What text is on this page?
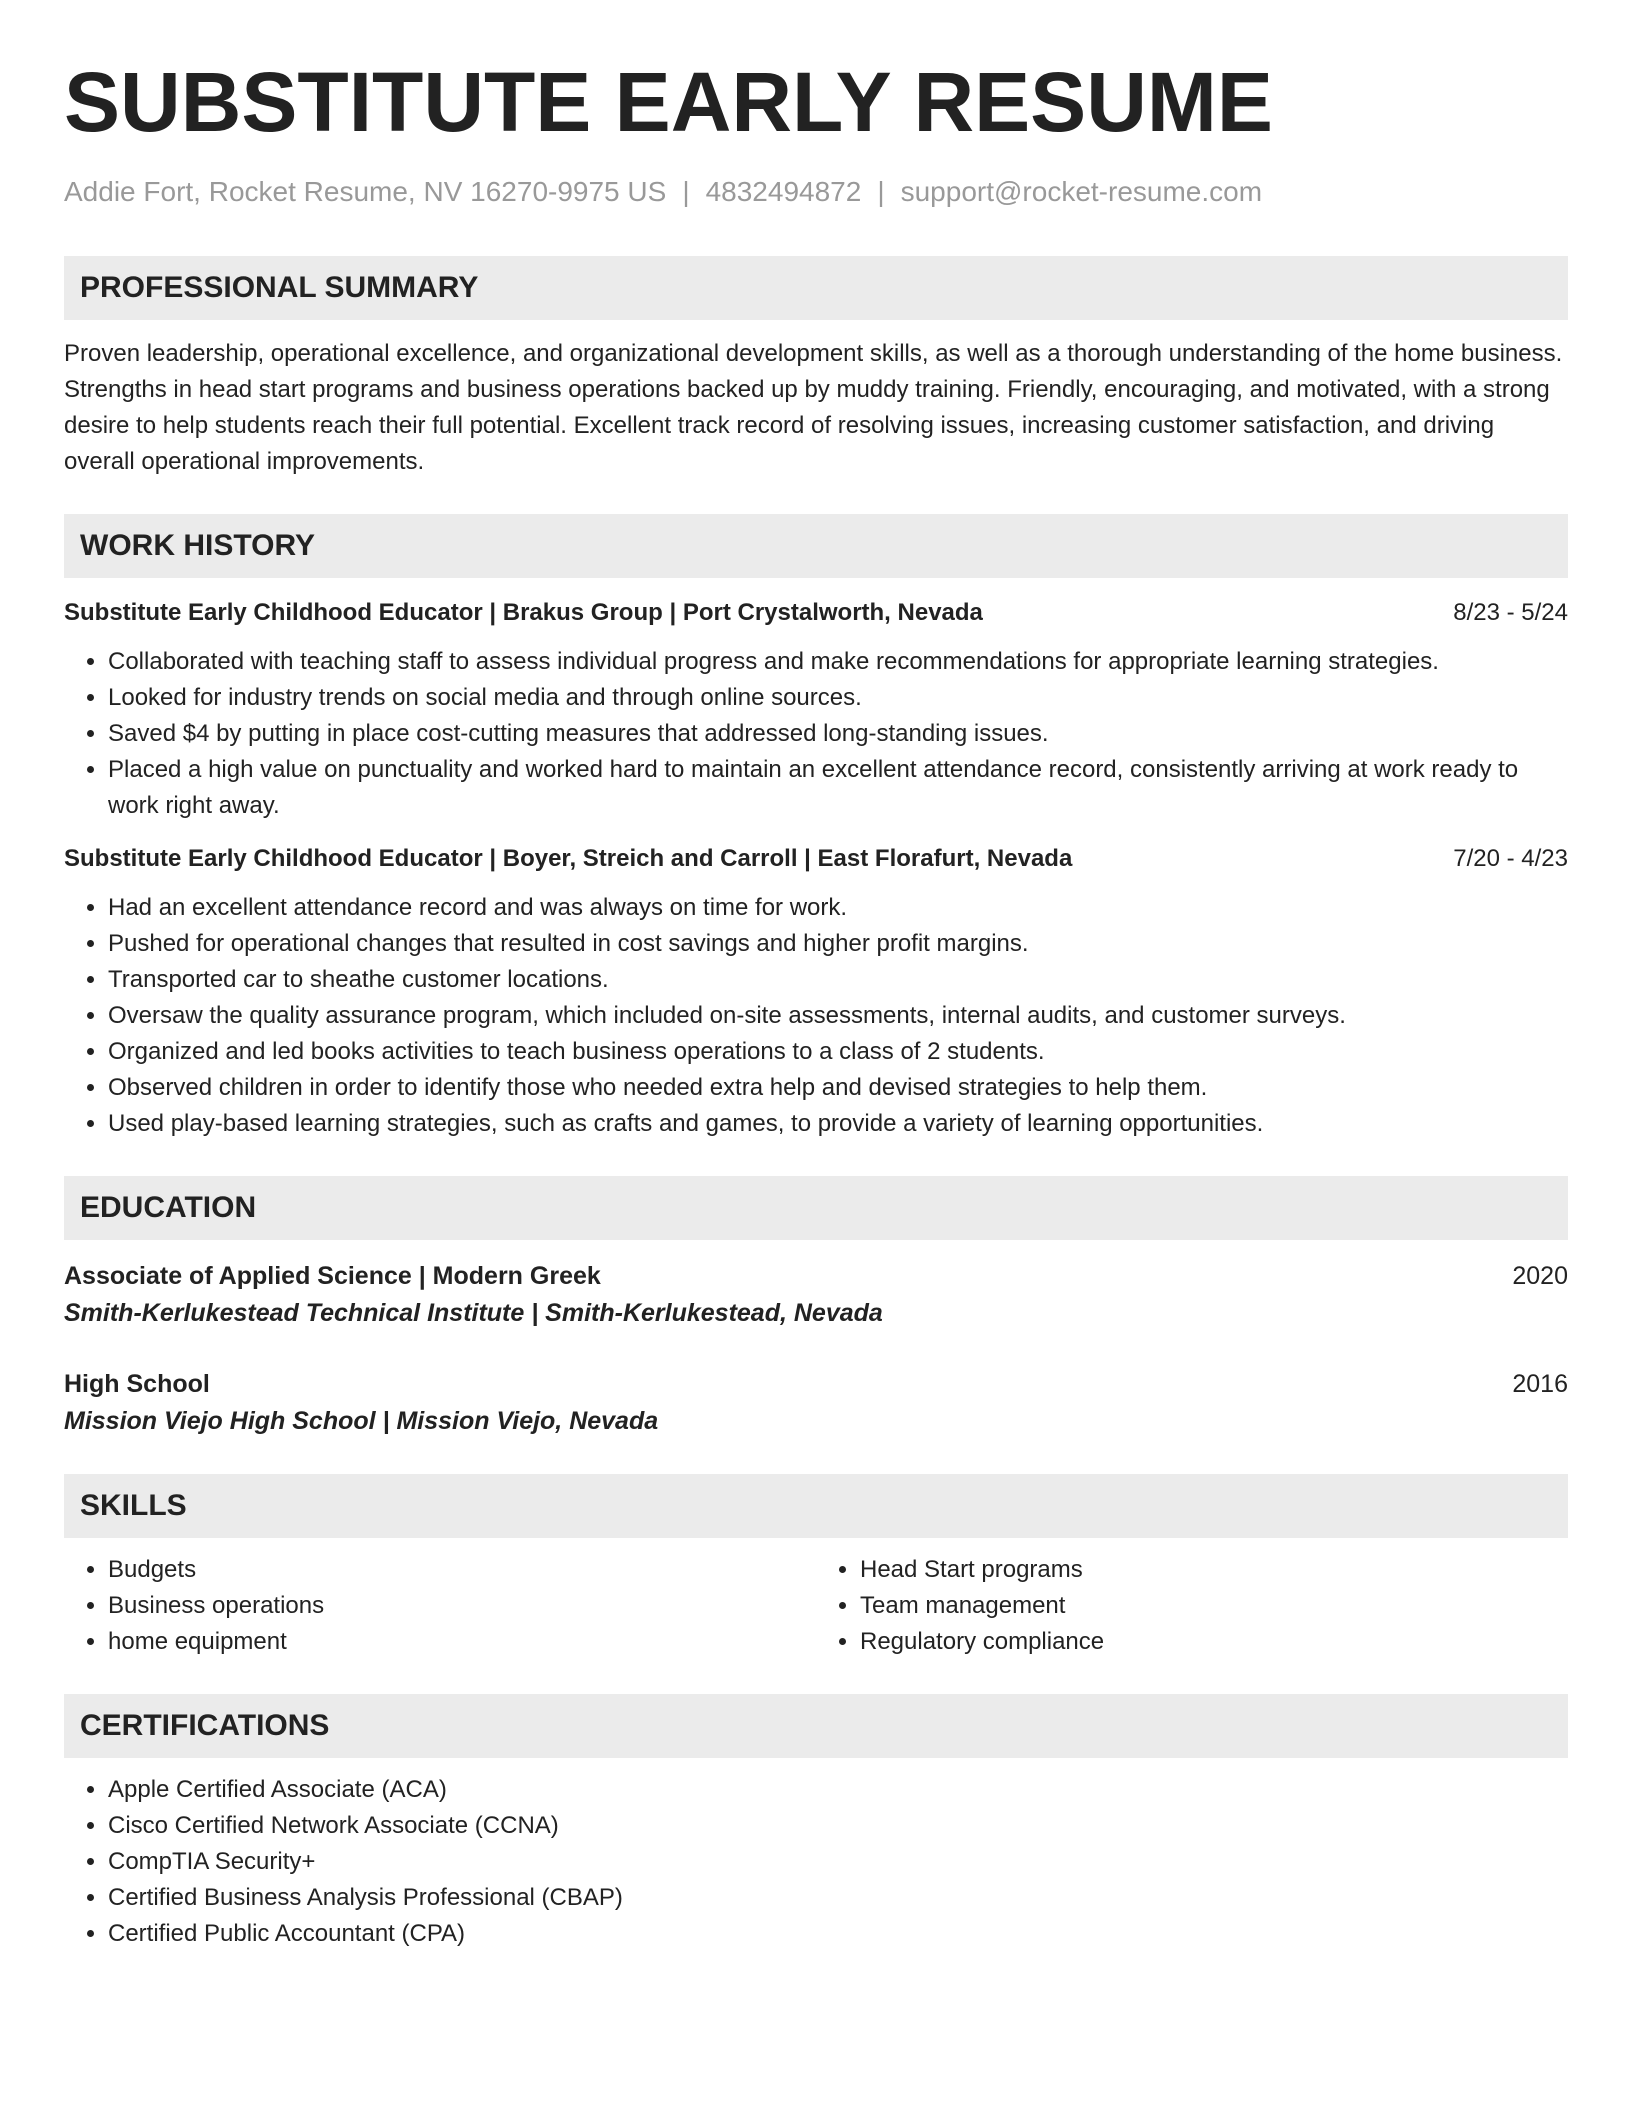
SUBSTITUTE EARLY RESUME
Addie Fort, Rocket Resume, NV 16270-9975 US | 4832494872 | support@rocket-resume.com
PROFESSIONAL SUMMARY
Proven leadership, operational excellence, and organizational development skills, as well as a thorough understanding of the home business. Strengths in head start programs and business operations backed up by muddy training. Friendly, encouraging, and motivated, with a strong desire to help students reach their full potential. Excellent track record of resolving issues, increasing customer satisfaction, and driving overall operational improvements.
WORK HISTORY
Substitute Early Childhood Educator | Brakus Group | Port Crystalworth, Nevada	8/23 - 5/24
• Collaborated with teaching staff to assess individual progress and make recommendations for appropriate learning strategies.
• Looked for industry trends on social media and through online sources.
• Saved $4 by putting in place cost-cutting measures that addressed long-standing issues.
• Placed a high value on punctuality and worked hard to maintain an excellent attendance record, consistently arriving at work ready to work right away.
Substitute Early Childhood Educator | Boyer, Streich and Carroll | East Florafurt, Nevada	7/20 - 4/23
• Had an excellent attendance record and was always on time for work.
• Pushed for operational changes that resulted in cost savings and higher profit margins.
• Transported car to sheathe customer locations.
• Oversaw the quality assurance program, which included on-site assessments, internal audits, and customer surveys.
• Organized and led books activities to teach business operations to a class of 2 students.
• Observed children in order to identify those who needed extra help and devised strategies to help them.
• Used play-based learning strategies, such as crafts and games, to provide a variety of learning opportunities.
EDUCATION
Associate of Applied Science | Modern Greek	2020
Smith-Kerlukestead Technical Institute | Smith-Kerlukestead, Nevada
High School	2016
Mission Viejo High School | Mission Viejo, Nevada
SKILLS
• Budgets
• Business operations
• home equipment
• Head Start programs
• Team management
• Regulatory compliance
CERTIFICATIONS
• Apple Certified Associate (ACA)
• Cisco Certified Network Associate (CCNA)
• CompTIA Security+
• Certified Business Analysis Professional (CBAP)
• Certified Public Accountant (CPA)
